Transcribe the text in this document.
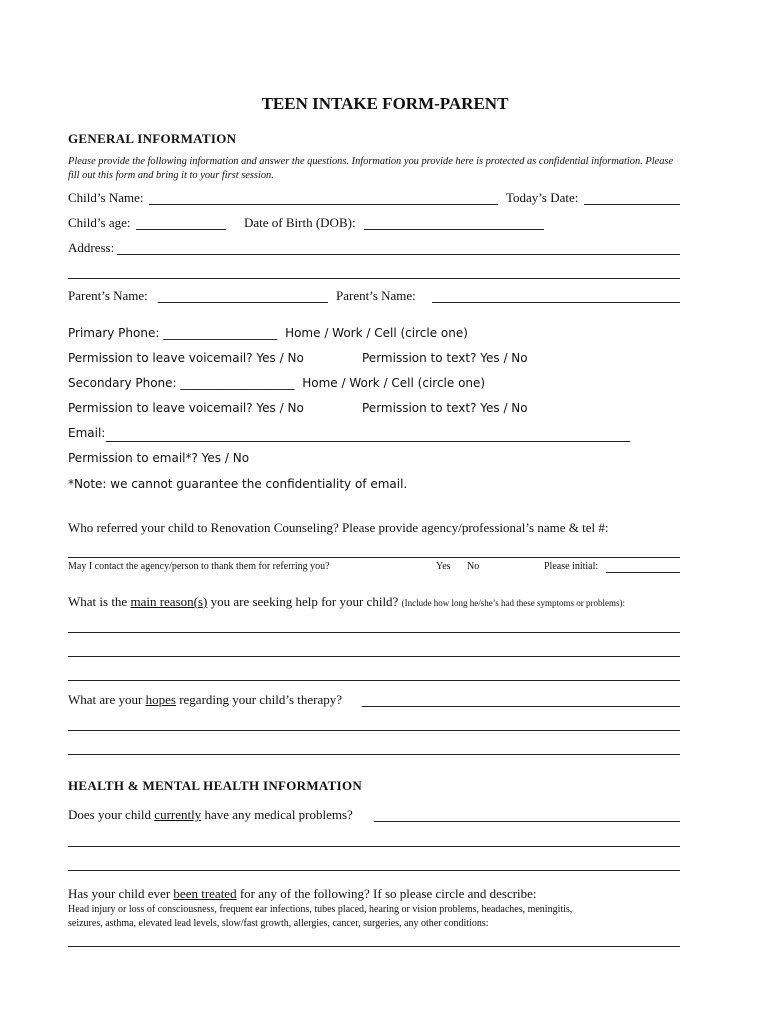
TEEN INTAKE FORM-PARENT
GENERAL INFORMATION
Please provide the following information and answer the questions. Information you provide here is protected as confidential information. Please fill out this form and bring it to your first session.
Child’s Name:	Today’s Date:
Child’s age:	Date of Birth (DOB):
Address:
Parent’s Name:	Parent’s Name:
Primary Phone: ___________________ Home / Work / Cell (circle one)
Permission to leave voicemail? Yes / No	Permission to text? Yes / No
Secondary Phone: ___________________ Home / Work / Cell (circle one)
Permission to leave voicemail? Yes / No	Permission to text? Yes / No
Email:
Permission to email*? Yes / No
*Note: we cannot guarantee the confidentiality of email.
Who referred your child to Renovation Counseling? Please provide agency/professional’s name & tel #:
May I contact the agency/person to thank them for referring you?	Yes No	Please initial:
What is the main reason(s) you are seeking help for your child? (Include how long he/she’s had these symptoms or problems):
What are your hopes regarding your child’s therapy?
HEALTH & MENTAL HEALTH INFORMATION
Does your child currently have any medical problems?
Has your child ever been treated for any of the following? If so please circle and describe:
Head injury or loss of consciousness, frequent ear infections, tubes placed, hearing or vision problems, headaches, meningitis,
seizures, asthma, elevated lead levels, slow/fast growth, allergies, cancer, surgeries, any other conditions:
